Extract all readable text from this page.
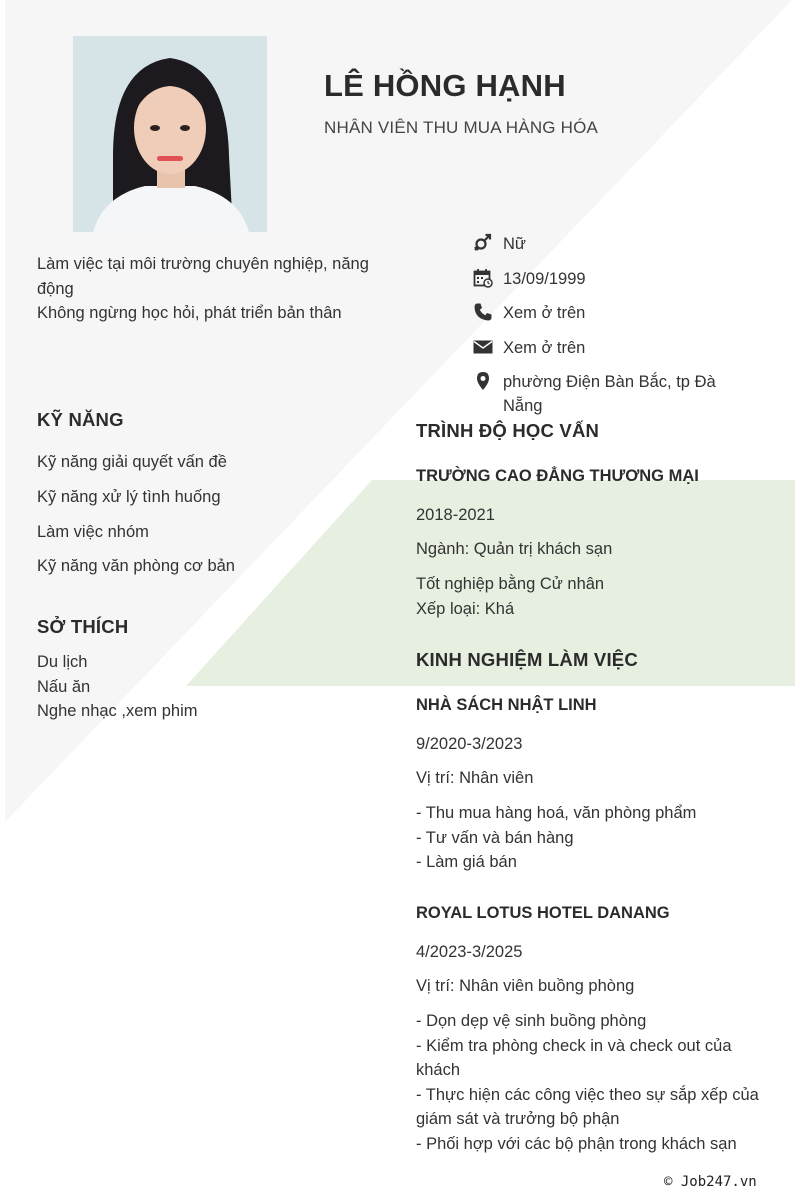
LÊ HỒNG HẠNH
NHÂN VIÊN THU MUA HÀNG HÓA
Làm việc tại môi trường chuyên nghiệp, năng động
Không ngừng học hỏi, phát triển bản thân
Nữ
13/09/1999
Xem ở trên
Xem ở trên
phường Điện Bàn Bắc, tp Đà Nẵng
KỸ NĂNG
Kỹ năng giải quyết vấn đề
Kỹ năng xử lý tình huống
Làm việc nhóm
Kỹ năng văn phòng cơ bản
SỞ THÍCH
Du lịch
Nấu ăn
Nghe nhạc ,xem phim
TRÌNH ĐỘ HỌC VẤN
TRƯỜNG CAO ĐẲNG THƯƠNG MẠI
2018-2021
Ngành: Quản trị khách sạn
Tốt nghiệp bằng Cử nhân
Xếp loại: Khá
KINH NGHIỆM LÀM VIỆC
NHÀ SÁCH NHẬT LINH
9/2020-3/2023
Vị trí: Nhân viên
- Thu mua hàng hoá, văn phòng phẩm
- Tư vấn và bán hàng
- Làm giá bán
ROYAL LOTUS HOTEL DANANG
4/2023-3/2025
Vị trí: Nhân viên buồng phòng
- Dọn dẹp vệ sinh buồng phòng
- Kiểm tra phòng check in và check out của khách
- Thực hiện các công việc theo sự sắp xếp của giám sát và trưởng bộ phận
- Phối hợp với các bộ phận trong khách sạn
© Job247.vn
